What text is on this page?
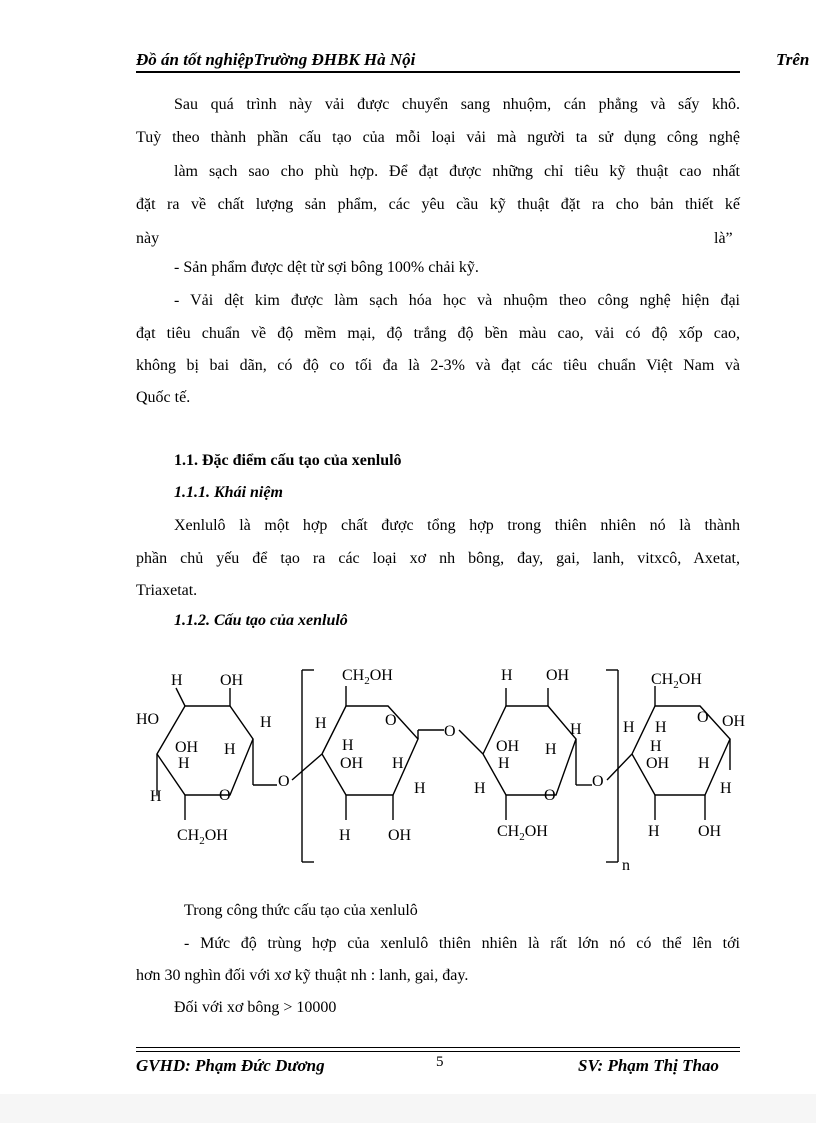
Đồ án tốt nghiệpTrường ĐHBK Hà Nội	Trên
Sau quá trình này vải được chuyển sang nhuộm, cán phẳng và sấy khô.
Tuỳ theo thành phần cấu tạo của mỗi loại vải mà người ta sử dụng công nghệ
làm sạch sao cho phù hợp. Để đạt được những chỉ tiêu kỹ thuật cao nhất
đặt ra về chất lượng sản phẩm, các yêu cầu kỹ thuật đặt ra cho bản thiết kế
này	là”
- Sản phẩm được dệt từ sợi bông 100% chải kỹ.
- Vải dệt kim được làm sạch hóa học và nhuộm theo công nghệ hiện đại
đạt tiêu chuẩn về độ mềm mại, độ trắng độ bền màu cao, vải có độ xốp cao,
không bị bai dãn, có độ co tối đa là 2-3% và đạt các tiêu chuẩn Việt Nam và
Quốc tế.
1.1. Đặc điểm cấu tạo của xenlulô
1.1.1. Khái niệm
Xenlulô là một hợp chất được tổng hợp trong thiên nhiên nó là thành
phần chủ yếu để tạo ra các loại xơ nh bông, đay, gai, lanh, vitxcô, Axetat,
Triaxetat.
1.1.2. Cấu tạo của xenlulô
H OH
HO	H
OH H
H
H	O
O
$CH_2OH$
$CH_2OH$
H	O
H
OH H
H
H OH
O
H OH
OH H
H
H
H	O
O
$CH_2OH$
$CH_2OH$
H H
O OH
H
OH H
H
H OH
n
Trong công thức cấu tạo của xenlulô
- Mức độ trùng hợp của xenlulô thiên nhiên là rất lớn nó có thể lên tới
hơn 30 nghìn đối với xơ kỹ thuật nh : lanh, gai, đay.
Đối với xơ bông > 10000
GVHD: Phạm Đức Dương	5	SV: Phạm Thị Thao
